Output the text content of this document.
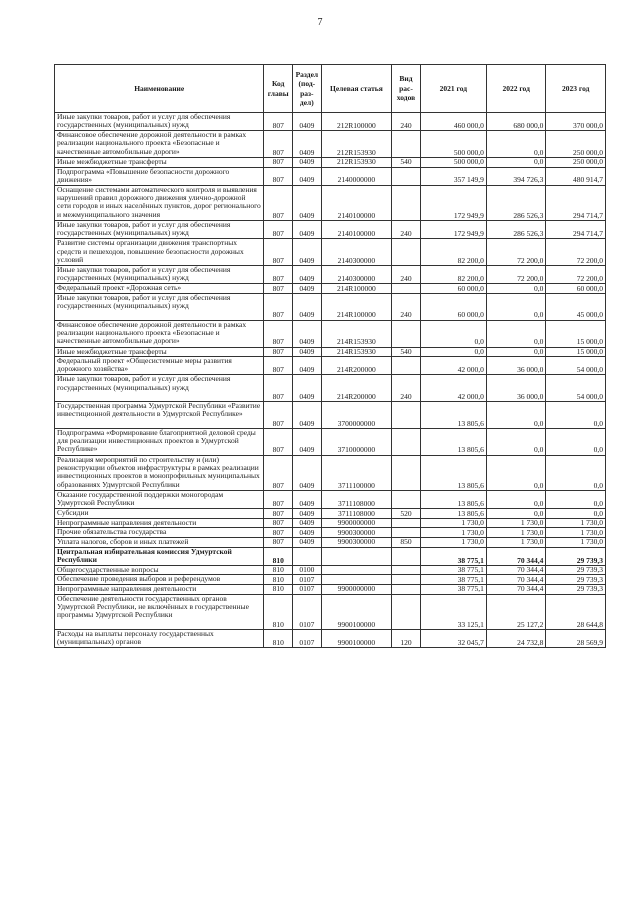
7
Наименование	Код главы	Раздел (под-раз-дел)	Целевая статья	Вид рас-ходов	2021 год	2022 год	2023 год
Иные закупки товаров, работ и услуг для обеспечения государственных (муниципальных) нужд	807	0409	212R100000	240	460 000,0	680 000,0	370 000,0
Финансовое обеспечение дорожной деятельности в рамках реализации национального проекта «Безопасные и качественные автомобильные дороги»	807	0409	212R153930		500 000,0	0,0	250 000,0
Иные межбюджетные трансферты	807	0409	212R153930	540	500 000,0	0,0	250 000,0
Подпрограмма «Повышение безопасности дорожного движения»	807	0409	2140000000		357 149,9	394 726,3	480 914,7
Оснащение системами автоматического контроля и выявления нарушений правил дорожного движения улично-дорожной сети городов и иных населённых пунктов, дорог регионального и межмуниципального значения	807	0409	2140100000		172 949,9	286 526,3	294 714,7
Иные закупки товаров, работ и услуг для обеспечения государственных (муниципальных) нужд	807	0409	2140100000	240	172 949,9	286 526,3	294 714,7
Развитие системы организации движения транспортных средств и пешеходов, повышение безопасности дорожных условий	807	0409	2140300000		82 200,0	72 200,0	72 200,0
Иные закупки товаров, работ и услуг для обеспечения государственных (муниципальных) нужд	807	0409	2140300000	240	82 200,0	72 200,0	72 200,0
Федеральный проект «Дорожная сеть»	807	0409	214R100000		60 000,0	0,0	60 000,0
Иные закупки товаров, работ и услуг для обеспечения государственных (муниципальных) нужд	807	0409	214R100000	240	60 000,0	0,0	45 000,0
Финансовое обеспечение дорожной деятельности в рамках реализации национального проекта «Безопасные и качественные автомобильные дороги»	807	0409	214R153930		0,0	0,0	15 000,0
Иные межбюджетные трансферты	807	0409	214R153930	540	0,0	0,0	15 000,0
Федеральный проект «Общесистемные меры развития дорожного хозяйства»	807	0409	214R200000		42 000,0	36 000,0	54 000,0
Иные закупки товаров, работ и услуг для обеспечения государственных (муниципальных) нужд	807	0409	214R200000	240	42 000,0	36 000,0	54 000,0
Государственная программа Удмуртской Республики «Развитие инвестиционной деятельности в Удмуртской Республике»	807	0409	3700000000		13 805,6	0,0	0,0
Подпрограмма «Формирование благоприятной деловой среды для реализации инвестиционных проектов в Удмуртской Республике»	807	0409	3710000000		13 805,6	0,0	0,0
Реализация мероприятий по строительству и (или) реконструкции объектов инфраструктуры в рамках реализации инвестиционных проектов в монопрофильных муниципальных образованиях Удмуртской Республики	807	0409	3711100000		13 805,6	0,0	0,0
Оказание государственной поддержки моногородам Удмуртской Республики	807	0409	3711108000		13 805,6	0,0	0,0
Субсидии	807	0409	3711108000	520	13 805,6	0,0	0,0
Непрограммные направления деятельности	807	0409	9900000000		1 730,0	1 730,0	1 730,0
Прочие обязательства государства	807	0409	9900300000		1 730,0	1 730,0	1 730,0
Уплата налогов, сборов и иных платежей	807	0409	9900300000	850	1 730,0	1 730,0	1 730,0
Центральная избирательная комиссия Удмуртской Республики	810				38 775,1	70 344,4	29 739,3
Общегосударственные вопросы	810	0100			38 775,1	70 344,4	29 739,3
Обеспечение проведения выборов и референдумов	810	0107			38 775,1	70 344,4	29 739,3
Непрограммные направления деятельности	810	0107	9900000000		38 775,1	70 344,4	29 739,3
Обеспечение деятельности государственных органов Удмуртской Республики, не включённых в государственные программы Удмуртской Республики	810	0107	9900100000		33 125,1	25 127,2	28 644,8
Расходы на выплаты персоналу государственных (муниципальных) органов	810	0107	9900100000	120	32 045,7	24 732,8	28 569,9
